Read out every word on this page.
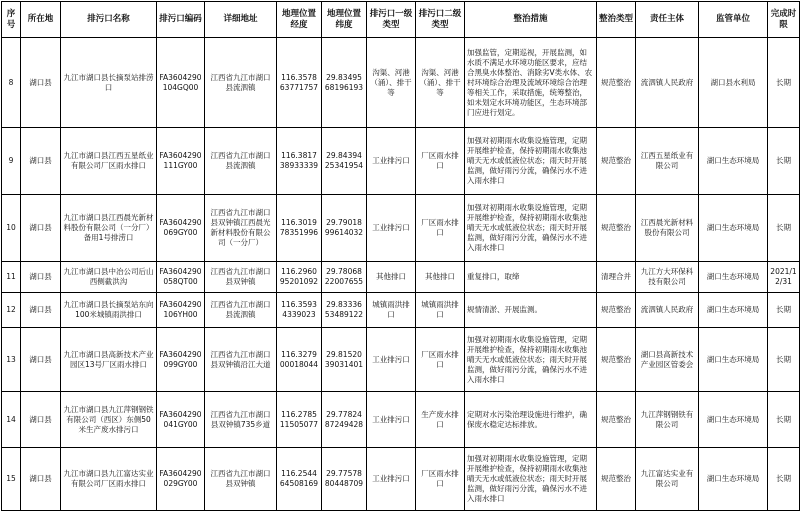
序号	所在地	排污口名称	排污口编码	详细地址	地理位置经度	地理位置纬度	排污口一级类型	排污口二级类型	整治措施	整治类型	责任主体	监管单位	完成时限
8	湖口县	九江市湖口县长摘泵站排涝口	FA3604290104GQ00	江西省九江市湖口县流泗镇	116.357863771757	29.8349568196193	沟渠、河港（涌）、排干等	沟渠、河港（涌）、排干等	加强监管，定期巡视，开展监测，如水质不满足水环境功能区要求，应结合黑臭水体整治、消除劣V类水体、农村环境综合治理及流域环境综合治理等相关工作，采取措施，统筹整治，如未划定水环境功能区，生态环境部门应进行划定。	规范整治	流泗镇人民政府	湖口县水利局	长期
9	湖口县	九江市湖口县江西五星纸业有限公司厂区雨水排口	FA3604290111GY00	江西省九江市湖口县流泗镇	116.381738933339	29.8439425341954	工业排污口	厂区雨水排口	加强对初期雨水收集设施管理，定期开展维护检查，保持初期雨水收集池晴天无水或低液位状态；雨天时开展监测，做好雨污分流，确保污水不进入雨水排口	规范整治	江西五星纸业有限公司	湖口生态环境局	长期
10	湖口县	九江市湖口县江西晨光新材料股份有限公司（一分厂）备用1号排涝口	FA3604290069GY00	江西省九江市湖口县双钟镇江西晨光新材料股份有限公司（一分厂）	116.301978351996	29.7901899614032	工业排污口	厂区雨水排口	加强对初期雨水收集设施管理，定期开展维护检查，保持初期雨水收集池晴天无水或低液位状态；雨天时开展监测，做好雨污分流，确保污水不进入雨水排口	规范整治	江西晨光新材料股份有限公司	湖口生态环境局	长期
11	湖口县	九江市湖口县中冶公司后山西侧截洪沟	FA3604290058QT00	江西省九江市湖口县双钟镇	116.296095201092	29.7806822007655	其他排口	其他排口	重复排口，取缔	清理合并	九江方大环保科技有限公司	湖口生态环境局	2021/12/31
12	湖口县	九江市湖口县长摘泵站东向100米城镇雨洪排口	FA3604290106YH00	江西省九江市湖口县流泗镇	116.35934339023	29.8333653489122	城镇雨洪排口	城镇雨洪排口	规情清淤、开展监测。	规范整治	流泗镇人民政府	湖口生态环境局	长期
13	湖口县	九江市湖口县高新技术产业园区13号厂区雨水排口	FA3604290099GY00	江西省九江市湖口县双钟镇沿江大道	116.327900018044	29.8152039031401	工业排污口	厂区雨水排口	加强对初期雨水收集设施管理，定期开展维护检查，保持初期雨水收集池晴天无水或低液位状态；雨天时开展监测，做好雨污分流，确保污水不进入雨水排口	规范整治	湖口县高新技术产业园区管委会	湖口生态环境局	长期
14	湖口县	九江市湖口县九江萍钢钢铁有限公司（西区）东侧50米生产废水排污口	FA3604290041GY00	江西省九江市湖口县双钟镇735乡道	116.278511505077	29.7782487249428	工业排污口	生产废水排口	定期对水污染治理设施进行维护，确保废水稳定达标排放。	规范整治	九江萍钢钢铁有限公司	湖口生态环境局	长期
15	湖口县	九江市湖口县九江富达实业有限公司厂区雨水排口	FA3604290029GY00	江西省九江市湖口县双钟镇	116.254464508169	29.7757880448709	工业排污口	厂区雨水排口	加强对初期雨水收集设施管理，定期开展维护检查，保持初期雨水收集池晴天无水或低液位状态；雨天时开展监测，做好雨污分流，确保污水不进入雨水排口	规范整治	九江富达实业有限公司	湖口生态环境局	长期
